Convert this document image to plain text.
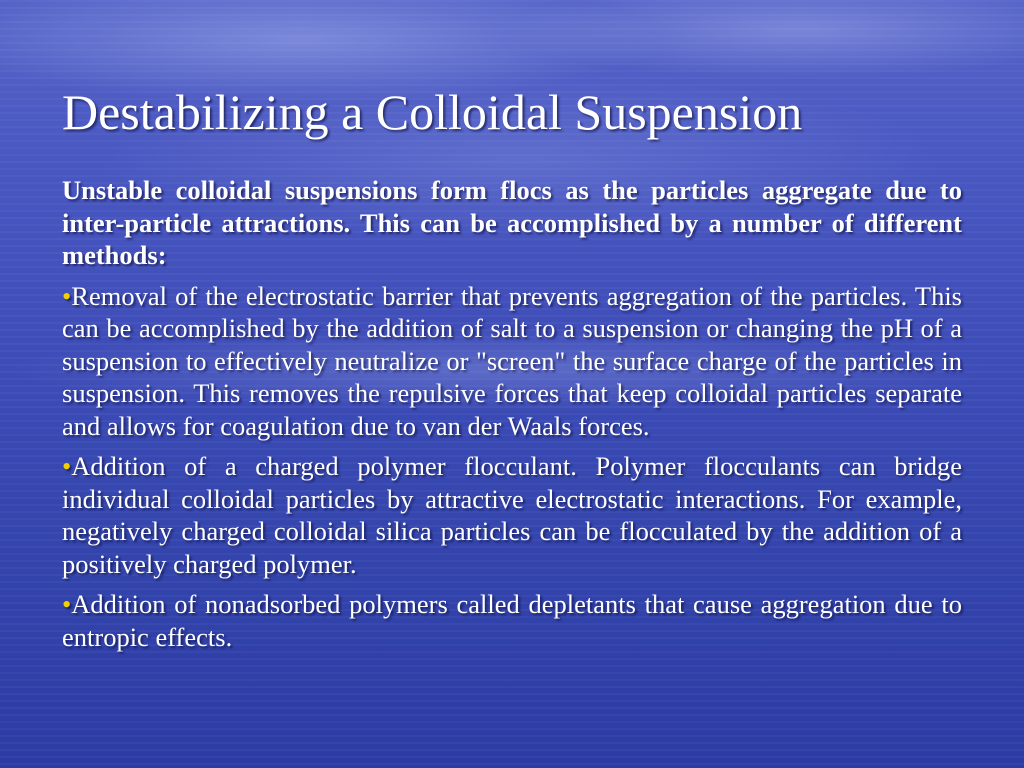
Destabilizing a Colloidal Suspension

Unstable colloidal suspensions form flocs as the particles aggregate due to inter-particle attractions. This can be accomplished by a number of different methods:

•Removal of the electrostatic barrier that prevents aggregation of the particles. This can be accomplished by the addition of salt to a suspension or changing the pH of a suspension to effectively neutralize or "screen" the surface charge of the particles in suspension. This removes the repulsive forces that keep colloidal particles separate and allows for coagulation due to van der Waals forces.

•Addition of a charged polymer flocculant. Polymer flocculants can bridge individual colloidal particles by attractive electrostatic interactions. For example, negatively charged colloidal silica particles can be flocculated by the addition of a positively charged polymer.

•Addition of nonadsorbed polymers called depletants that cause aggregation due to entropic effects.
